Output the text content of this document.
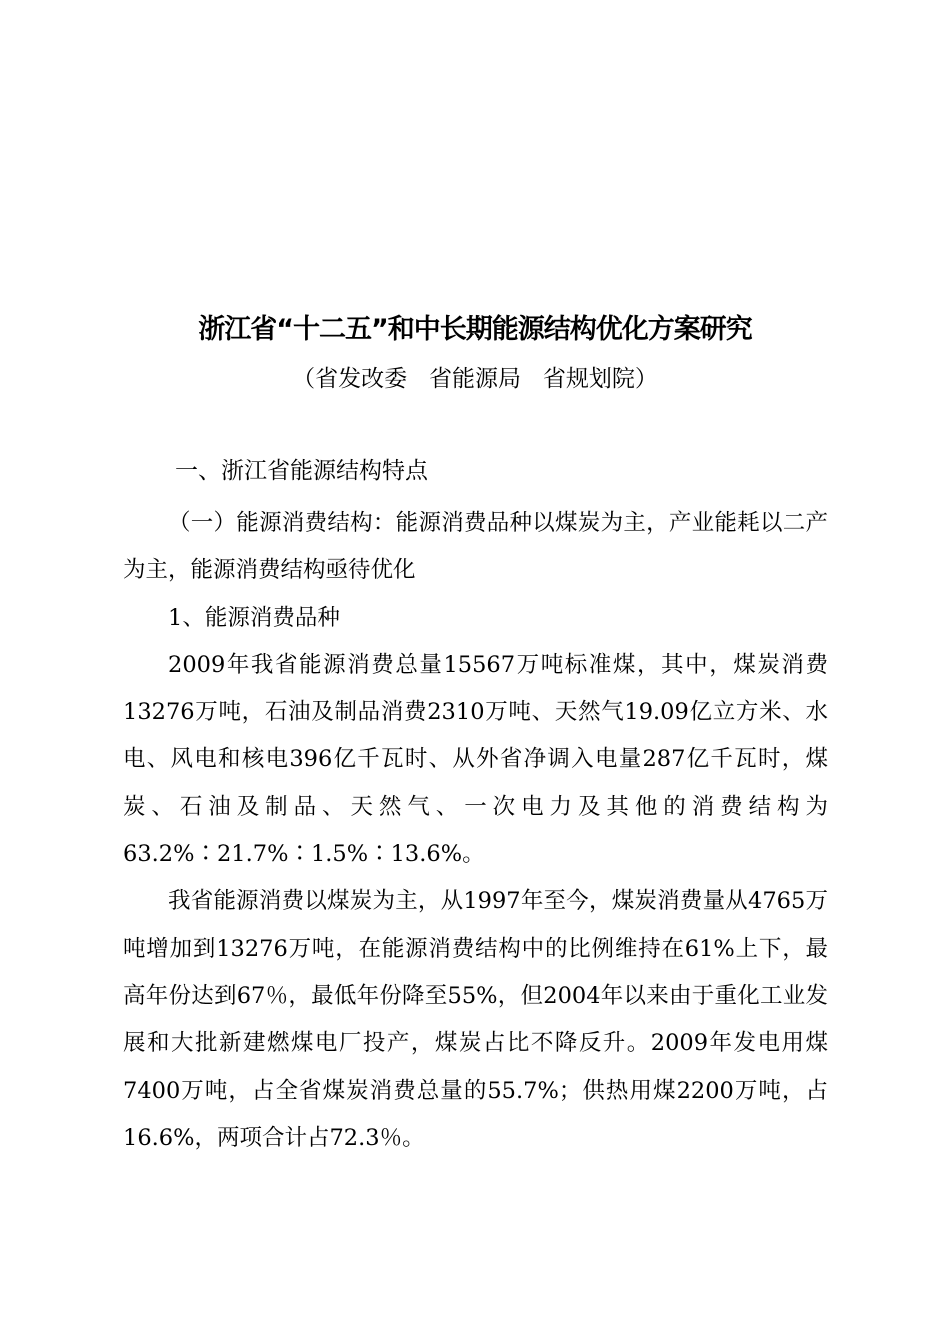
浙江省“十二五”和中长期能源结构优化方案研究
（省发改委   省能源局   省规划院）
一、浙江省能源结构特点

（一）能源消费结构：能源消费品种以煤炭为主，产业能耗以二产为主，能源消费结构亟待优化

1、能源消费品种

2009年我省能源消费总量15567万吨标准煤，其中，煤炭消费13276万吨，石油及制品消费2310万吨、天然气19.09亿立方米、水电、风电和核电396亿千瓦时、从外省净调入电量287亿千瓦时，煤炭、石油及制品、天然气、一次电力及其他的消费结构为63.2%∶21.7%∶1.5%∶13.6%。

我省能源消费以煤炭为主，从1997年至今，煤炭消费量从4765万吨增加到13276万吨，在能源消费结构中的比例维持在61%上下，最高年份达到67％，最低年份降至55%，但2004年以来由于重化工业发展和大批新建燃煤电厂投产，煤炭占比不降反升。2009年发电用煤7400万吨，占全省煤炭消费总量的55.7%；供热用煤2200万吨，占16.6%，两项合计占72.3％。
